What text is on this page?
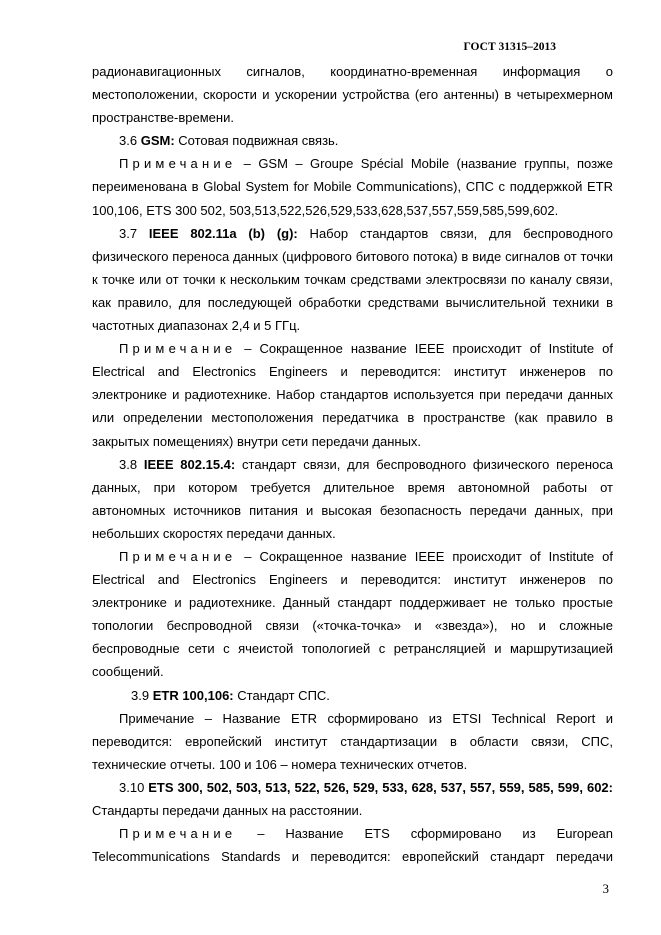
ГОСТ 31315–2013

радионавигационных сигналов, координатно-временная информация о местоположении, скорости и ускорении устройства (его антенны) в четырехмерном пространстве-времени.

3.6 GSM: Сотовая подвижная связь.

Примечание – GSM – Groupe Spécial Mobile (название группы, позже переименована в Global System for Mobile Communications), СПС с поддержкой ETR 100,106, ETS 300 502, 503,513,522,526,529,533,628,537,557,559,585,599,602.

3.7 IEEE 802.11a (b) (g): Набор стандартов связи, для беспроводного физического переноса данных (цифрового битового потока) в виде сигналов от точки к точке или от точки к нескольким точкам средствами электросвязи по каналу связи, как правило, для последующей обработки средствами вычислительной техники в частотных диапазонах 2,4 и 5 ГГц.

Примечание – Сокращенное название IEEE происходит of Institute of Electrical and Electronics Engineers и переводится: институт инженеров по электронике и радиотехнике. Набор стандартов используется при передачи данных или определении местоположения передатчика в пространстве (как правило в закрытых помещениях) внутри сети передачи данных.

3.8 IEEE 802.15.4: стандарт связи, для беспроводного физического переноса данных, при котором требуется длительное время автономной работы от автономных источников питания и высокая безопасность передачи данных, при небольших скоростях передачи данных.

Примечание – Сокращенное название IEEE происходит of Institute of Electrical and Electronics Engineers и переводится: институт инженеров по электронике и радиотехнике. Данный стандарт поддерживает не только простые топологии беспроводной связи («точка-точка» и «звезда»), но и сложные беспроводные сети с ячеистой топологией с ретрансляцией и маршрутизацией сообщений.

3.9 ETR 100,106: Стандарт СПС.

Примечание – Название ETR сформировано из ETSI Technical Report и переводится: европейский институт стандартизации в области связи, СПС, технические отчеты. 100 и 106 – номера технических отчетов.

3.10 ETS 300, 502, 503, 513, 522, 526, 529, 533, 628, 537, 557, 559, 585, 599, 602: Стандарты передачи данных на расстоянии.

Примечание – Название ETS сформировано из European Telecommunications Standards и переводится: европейский стандарт передачи

3
